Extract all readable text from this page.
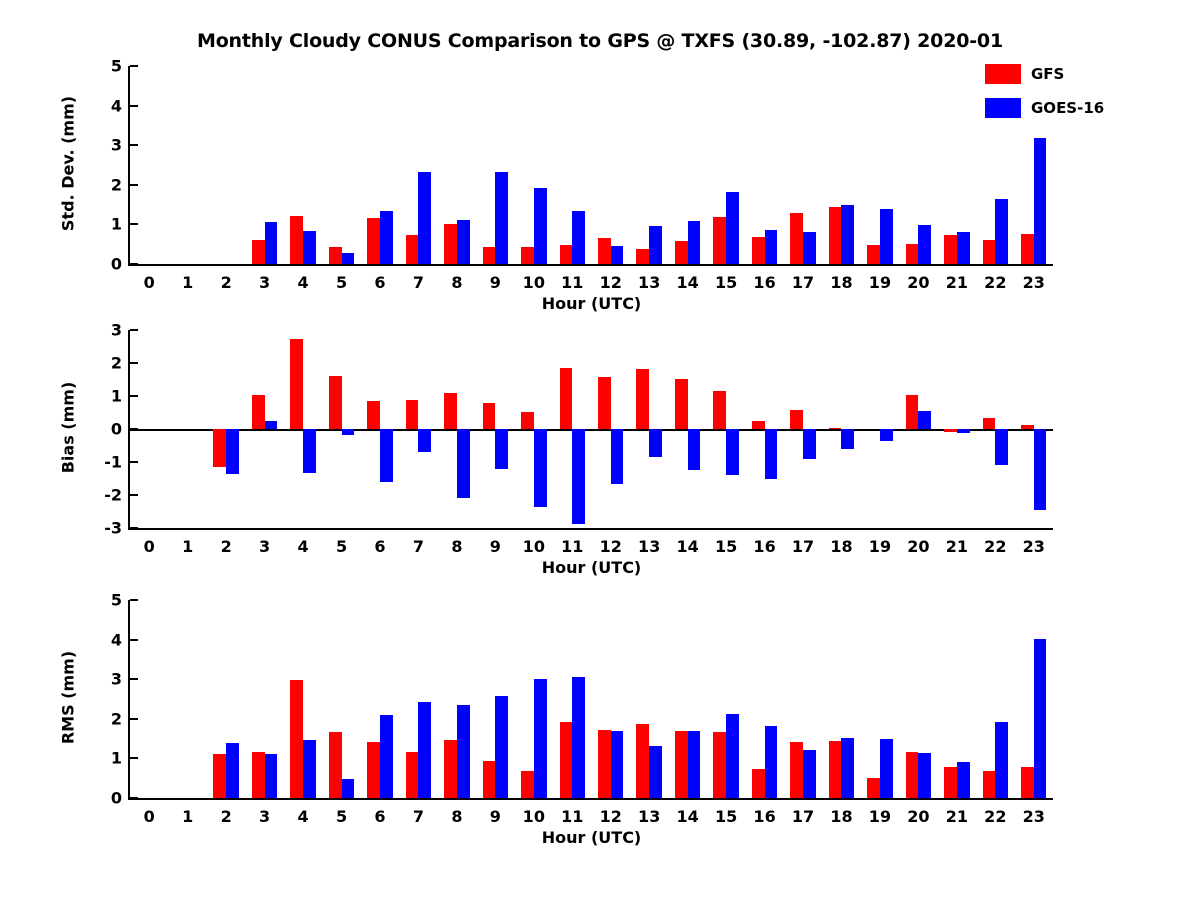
Monthly Cloudy CONUS Comparison to GPS @ TXFS (30.89, -102.87) 2020-01
Std. Dev. (mm)
Hour (UTC)
0
1
2
3
4
5
0 1 2 3 4 5 6 7 8 9 10 11 12 13 14 15 16 17 18 19 20 21 22 23
Bias (mm)
Hour (UTC)
-3
-2
-1
0
1
2
3
0 1 2 3 4 5 6 7 8 9 10 11 12 13 14 15 16 17 18 19 20 21 22 23
RMS (mm)
Hour (UTC)
0
1
2
3
4
5
0 1 2 3 4 5 6 7 8 9 10 11 12 13 14 15 16 17 18 19 20 21 22 23
GFS
GOES-16
